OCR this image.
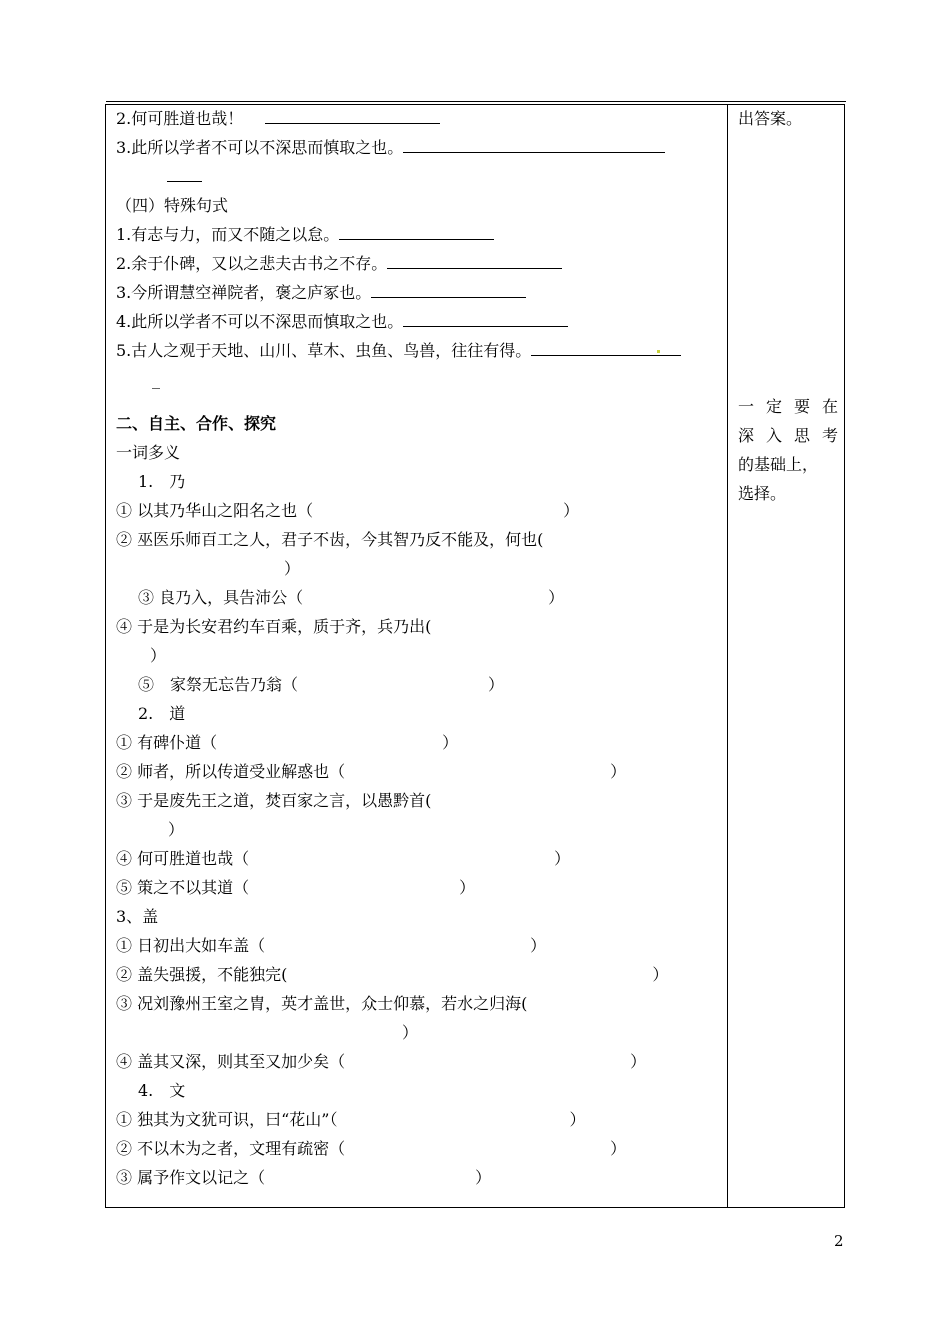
2.何可胜道也哉！
3.此所以学者不可以不深思而慎取之也。
（四）特殊句式
1.有志与力，而又不随之以怠。
2.余于仆碑，又以之悲夫古书之不存。
3.今所谓慧空禅院者，褒之庐冢也。
4.此所以学者不可以不深思而慎取之也。
5.古人之观于天地、山川、草木、虫鱼、鸟兽，往往有得。
_
二、自主、合作、探究
一词多义
1.　乃
① 以其乃华山之阳名之也（	）
② 巫医乐师百工之人，君子不齿，今其智乃反不能及，何也(
）
③ 良乃入，具告沛公（	）
④ 于是为长安君约车百乘，质于齐，兵乃出(
）
⑤　家祭无忘告乃翁（	）
2.　道
① 有碑仆道（	）
② 师者，所以传道受业解惑也（	）
③ 于是废先王之道，焚百家之言，以愚黔首(
）
④ 何可胜道也哉（	）
⑤ 策之不以其道（	）
3、盖
① 日初出大如车盖（	）
② 盖失强援，不能独完(	）
③ 况刘豫州王室之胄，英才盖世，众士仰慕，若水之归海(
）
④ 盖其又深，则其至又加少矣（	）
4.　文
① 独其为文犹可识，曰“花山”（	）
② 不以木为之者，文理有疏密（	）
③ 属予作文以记之（	）
出答案。
一定要在
深入思考
的基础上，
选择。
2
